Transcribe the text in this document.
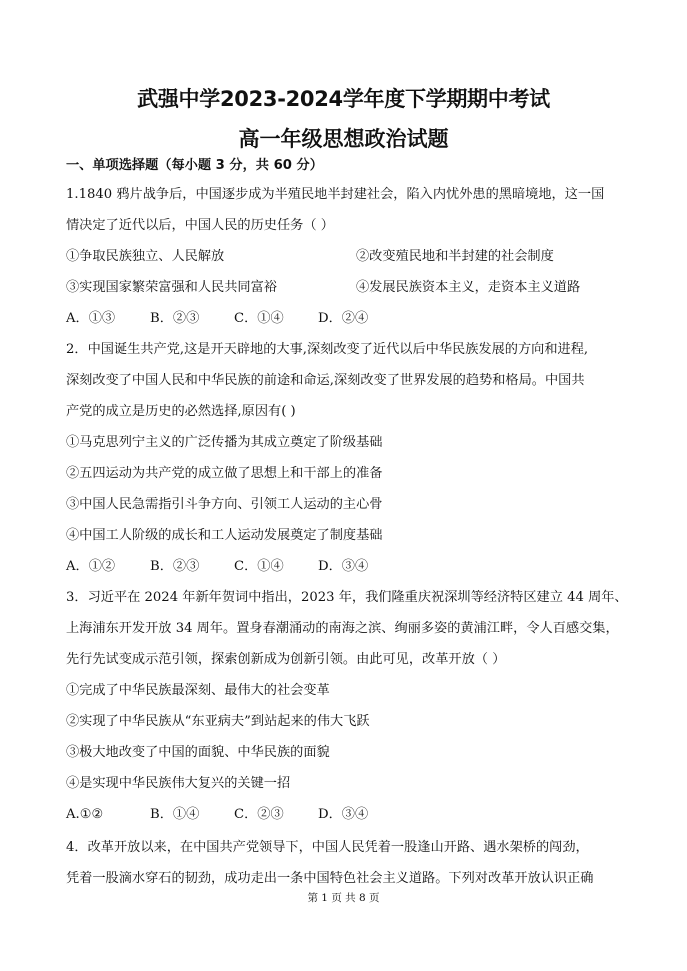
武强中学2023-2024学年度下学期期中考试
高一年级思想政治试题
一、单项选择题（每小题 3 分，共 60 分）
1.1840 鸦片战争后，中国逐步成为半殖民地半封建社会，陷入内忧外患的黑暗境地，这一国
情决定了近代以后，中国人民的历史任务（ ）
①争取民族独立、人民解放	②改变殖民地和半封建的社会制度
③实现国家繁荣富强和人民共同富裕	④发展民族资本主义，走资本主义道路
A．①③	B．②③	C．①④	D．②④
2．中国诞生共产党,这是开天辟地的大事,深刻改变了近代以后中华民族发展的方向和进程,
深刻改变了中国人民和中华民族的前途和命运,深刻改变了世界发展的趋势和格局。中国共
产党的成立是历史的必然选择,原因有( )
①马克思列宁主义的广泛传播为其成立奠定了阶级基础
②五四运动为共产党的成立做了思想上和干部上的准备
③中国人民急需指引斗争方向、引领工人运动的主心骨
④中国工人阶级的成长和工人运动发展奠定了制度基础
A．①②	B．②③	C．①④	D．③④
3．习近平在 2024 年新年贺词中指出，2023 年，我们隆重庆祝深圳等经济特区建立 44 周年、
上海浦东开发开放 34 周年。置身春潮涌动的南海之滨、绚丽多姿的黄浦江畔，令人百感交集，
先行先试变成示范引领，探索创新成为创新引领。由此可见，改革开放（ ）
①完成了中华民族最深刻、最伟大的社会变革
②实现了中华民族从“东亚病夫”到站起来的伟大飞跃
③极大地改变了中国的面貌、中华民族的面貌
④是实现中华民族伟大复兴的关键一招
A.①②	B．①④	C．②③	D．③④
4．改革开放以来，在中国共产党领导下，中国人民凭着一股逢山开路、遇水架桥的闯劲，
凭着一股滴水穿石的韧劲，成功走出一条中国特色社会主义道路。下列对改革开放认识正确
第 1 页 共 8 页
